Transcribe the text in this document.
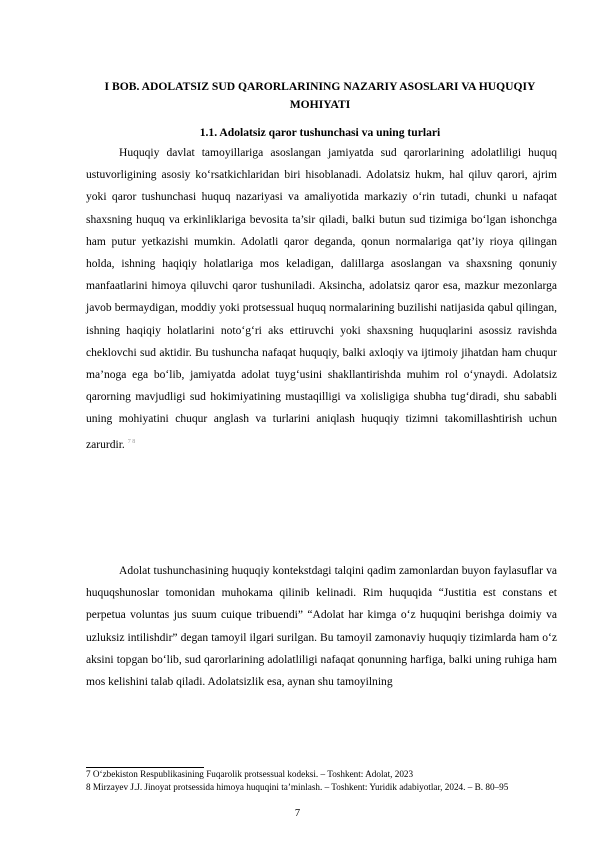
I BOB. ADOLATSIZ SUD QARORLARINING NAZARIY ASOSLARI VA HUQUQIY MOHIYATI
1.1. Adolatsiz qaror tushunchasi va uning turlari

Huquqiy davlat tamoyillariga asoslangan jamiyatda sud qarorlarining adolatliligi huquq ustuvorligining asosiy ko‘rsatkichlaridan biri hisoblanadi. Adolatsiz hukm, hal qiluv qarori, ajrim yoki qaror tushunchasi huquq nazariyasi va amaliyotida markaziy o‘rin tutadi, chunki u nafaqat shaxsning huquq va erkinliklariga bevosita ta’sir qiladi, balki butun sud tizimiga bo‘lgan ishonchga ham putur yetkazishi mumkin. Adolatli qaror deganda, qonun normalariga qat’iy rioya qilingan holda, ishning haqiqiy holatlariga mos keladigan, dalillarga asoslangan va shaxsning qonuniy manfaatlarini himoya qiluvchi qaror tushuniladi. Aksincha, adolatsiz qaror esa, mazkur mezonlarga javob bermaydigan, moddiy yoki protsessual huquq normalarining buzilishi natijasida qabul qilingan, ishning haqiqiy holatlarini noto‘g‘ri aks ettiruvchi yoki shaxsning huquqlarini asossiz ravishda cheklovchi sud aktidir. Bu tushuncha nafaqat huquqiy, balki axloqiy va ijtimoiy jihatdan ham chuqur ma’noga ega bo‘lib, jamiyatda adolat tuyg‘usini shakllantirishda muhim rol o‘ynaydi. Adolatsiz qarorning mavjudligi sud hokimiyatining mustaqilligi va xolisligiga shubha tug‘diradi, shu sababli uning mohiyatini chuqur anglash va turlarini aniqlash huquqiy tizimni takomillashtirish uchun zarurdir. $^{7 8}$

Adolat tushunchasining huquqiy kontekstdagi talqini qadim zamonlardan buyon faylasuflar va huquqshunoslar tomonidan muhokama qilinib kelinadi. Rim huquqida “Justitia est constans et perpetua voluntas jus suum cuique tribuendi” “Adolat har kimga o‘z huquqini berishga doimiy va uzluksiz intilishdir” degan tamoyil ilgari surilgan. Bu tamoyil zamonaviy huquqiy tizimlarda ham o‘z aksini topgan bo‘lib, sud qarorlarining adolatliligi nafaqat qonunning harfiga, balki uning ruhiga ham mos kelishini talab qiladi. Adolatsizlik esa, aynan shu tamoyilning

7 O‘zbekiston Respublikasining Fuqarolik protsessual kodeksi. – Toshkent: Adolat, 2023
8 Mirzayev J.J. Jinoyat protsessida himoya huquqini ta’minlash. – Toshkent: Yuridik adabiyotlar, 2024. – B. 80–95
7
